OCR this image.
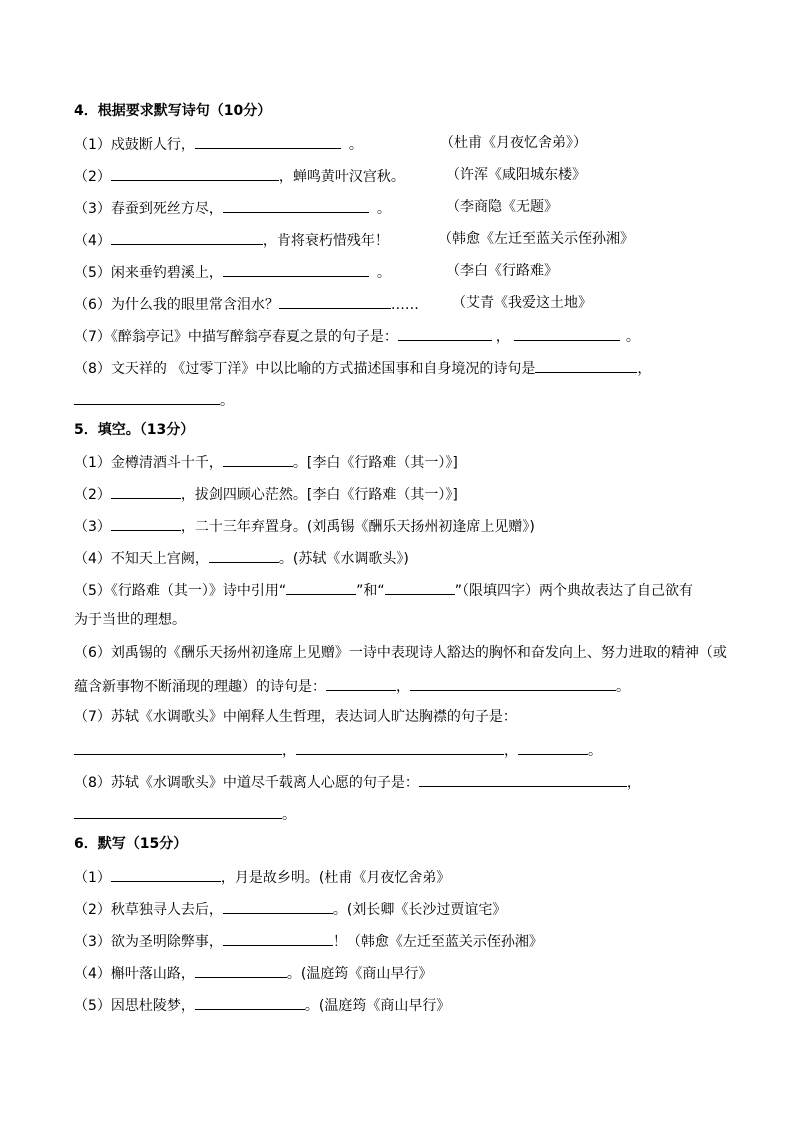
4．根据要求默写诗句（10分）
（1）戍鼓断人行，	。	（杜甫《月夜忆舍弟》）
（2）	，蝉鸣黄叶汉宫秋。	（许浑《咸阳城东楼》
（3）春蚕到死丝方尽，	。	（李商隐《无题》
（4）	，肯将衰朽惜残年！	（韩愈《左迁至蓝关示侄孙湘》
（5）闲来垂钓碧溪上，	。	（李白《行路难》
（6）为什么我的眼里常含泪水？	…… （艾青《我爱这土地》
（7）《醉翁亭记》中描写醉翁亭春夏之景的句子是：	，	。
（8）文天祥的 《过零丁洋》中以比喻的方式描述国事和自身境况的诗句是	，
。
5．填空。（13分）
（1）金樽清酒斗十千，	。[李白《行路难（其一）》]
（2）	，拔剑四顾心茫然。[李白《行路难（其一）》]
（3）	，二十三年弃置身。(刘禹锡《酬乐天扬州初逢席上见赠》)
（4）不知天上宫阙，	。(苏轼《水调歌头》)
（5）《行路难（其一）》诗中引用“	”和“	”（限填四字）两个典故表达了自己欲有
为于当世的理想。
（6）刘禹锡的《酬乐天扬州初逢席上见赠》一诗中表现诗人豁达的胸怀和奋发向上、努力进取的精神（或
蕴含新事物不断涌现的理趣）的诗句是：	，	。
（7）苏轼《水调歌头》中阐释人生哲理，表达词人旷达胸襟的句子是：
，	，	。
（8）苏轼《水调歌头》中道尽千载离人心愿的句子是：	，
。
6．默写（15分）
（1）	，月是故乡明。(杜甫《月夜忆舍弟》
（2）秋草独寻人去后，	。(刘长卿《长沙过贾谊宅》
（3）欲为圣明除弊事，	！（韩愈《左迁至蓝关示侄孙湘》
（4）槲叶落山路，	。(温庭筠《商山早行》
（5）因思杜陵梦，	。(温庭筠《商山早行》
